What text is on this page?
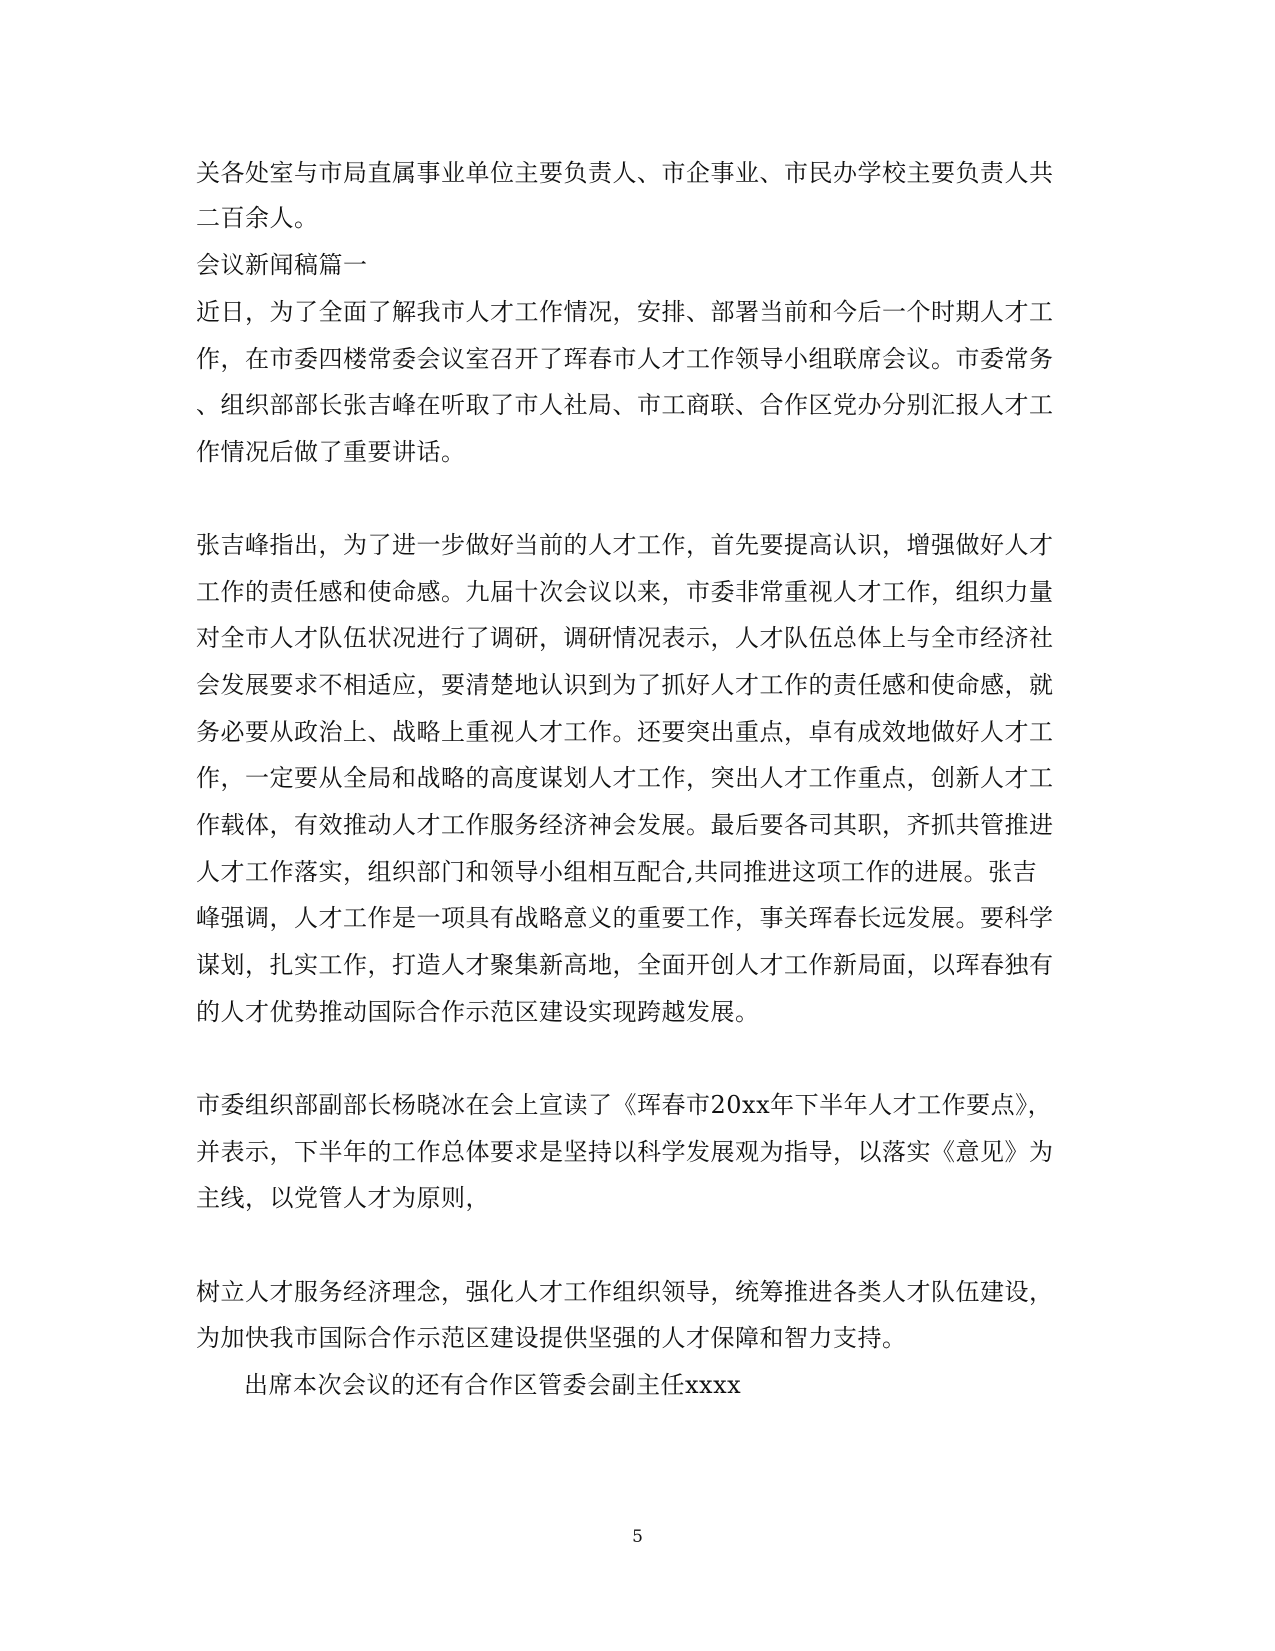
关各处室与市局直属事业单位主要负责人、市企事业、市民办学校主要负责人共
二百余人。
会议新闻稿篇一
近日，为了全面了解我市人才工作情况，安排、部署当前和今后一个时期人才工
作，在市委四楼常委会议室召开了珲春市人才工作领导小组联席会议。市委常务
、组织部部长张吉峰在听取了市人社局、市工商联、合作区党办分别汇报人才工
作情况后做了重要讲话。
张吉峰指出，为了进一步做好当前的人才工作，首先要提高认识，增强做好人才
工作的责任感和使命感。九届十次会议以来，市委非常重视人才工作，组织力量
对全市人才队伍状况进行了调研，调研情况表示，人才队伍总体上与全市经济社
会发展要求不相适应，要清楚地认识到为了抓好人才工作的责任感和使命感，就
务必要从政治上、战略上重视人才工作。还要突出重点，卓有成效地做好人才工
作，一定要从全局和战略的高度谋划人才工作，突出人才工作重点，创新人才工
作载体，有效推动人才工作服务经济神会发展。最后要各司其职，齐抓共管推进
人才工作落实，组织部门和领导小组相互配合,共同推进这项工作的进展。张吉
峰强调，人才工作是一项具有战略意义的重要工作，事关珲春长远发展。要科学
谋划，扎实工作，打造人才聚集新高地，全面开创人才工作新局面，以珲春独有
的人才优势推动国际合作示范区建设实现跨越发展。
市委组织部副部长杨晓冰在会上宣读了《珲春市20xx年下半年人才工作要点》，
并表示，下半年的工作总体要求是坚持以科学发展观为指导，以落实《意见》为
主线，以党管人才为原则，
树立人才服务经济理念，强化人才工作组织领导，统筹推进各类人才队伍建设，
为加快我市国际合作示范区建设提供坚强的人才保障和智力支持。
出席本次会议的还有合作区管委会副主任xxxx
5
